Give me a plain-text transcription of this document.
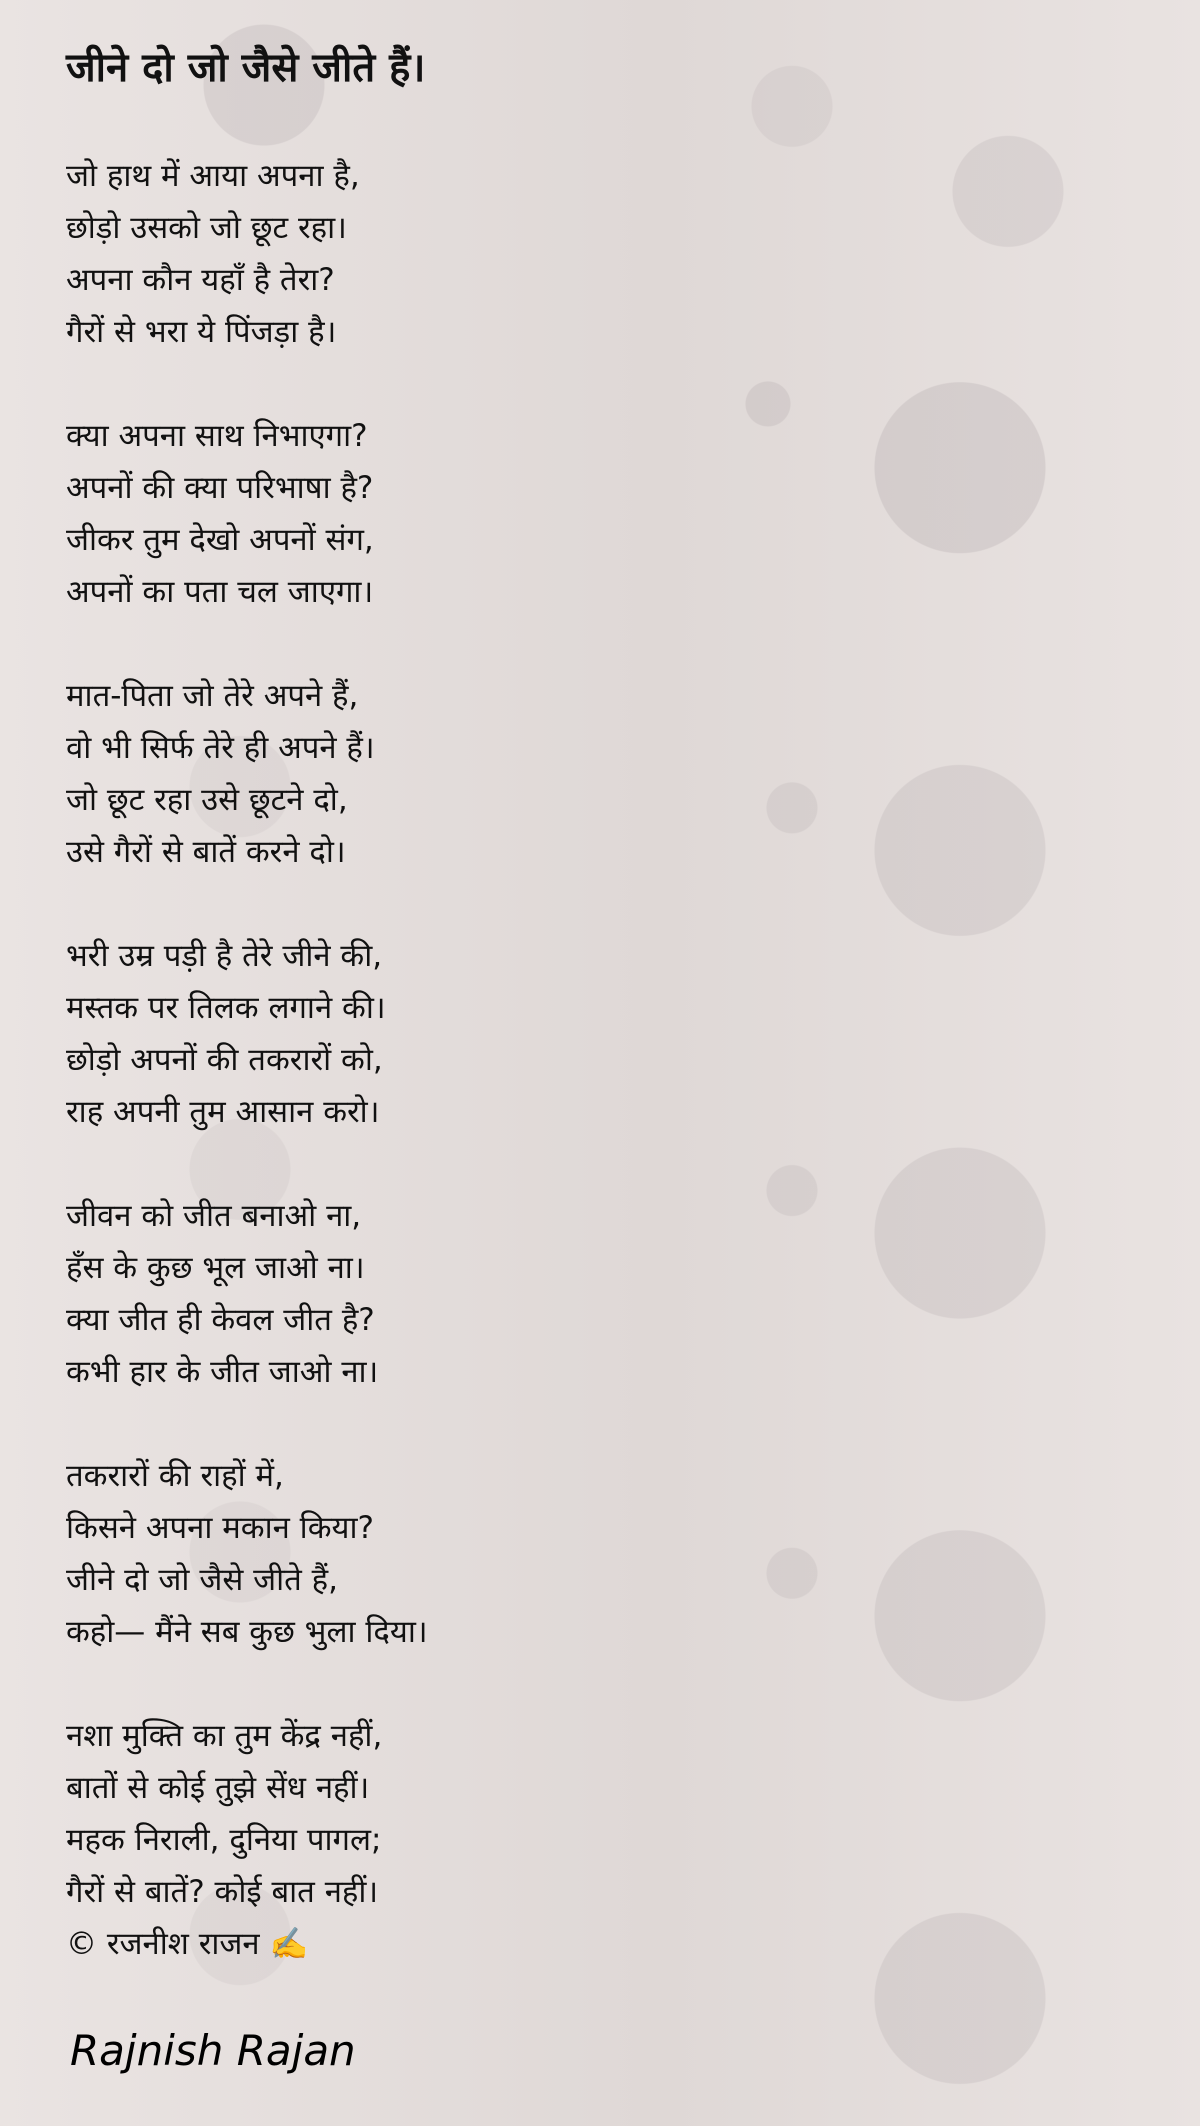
जीने दो जो जैसे जीते हैं।
जो हाथ में आया अपना है,
छोड़ो उसको जो छूट रहा।
अपना कौन यहाँ है तेरा?
गैरों से भरा ये पिंजड़ा है।
क्या अपना साथ निभाएगा?
अपनों की क्या परिभाषा है?
जीकर तुम देखो अपनों संग,
अपनों का पता चल जाएगा।
मात-पिता जो तेरे अपने हैं,
वो भी सिर्फ तेरे ही अपने हैं।
जो छूट रहा उसे छूटने दो,
उसे गैरों से बातें करने दो।
भरी उम्र पड़ी है तेरे जीने की,
मस्तक पर तिलक लगाने की।
छोड़ो अपनों की तकरारों को,
राह अपनी तुम आसान करो।
जीवन को जीत बनाओ ना,
हँस के कुछ भूल जाओ ना।
क्या जीत ही केवल जीत है?
कभी हार के जीत जाओ ना।
तकरारों की राहों में,
किसने अपना मकान किया?
जीने दो जो जैसे जीते हैं,
कहो— मैंने सब कुछ भुला दिया।
नशा मुक्ति का तुम केंद्र नहीं,
बातों से कोई तुझे सेंध नहीं।
महक निराली, दुनिया पागल;
गैरों से बातें? कोई बात नहीं।
© रजनीश राजन ✍️
Rajnish Rajan
